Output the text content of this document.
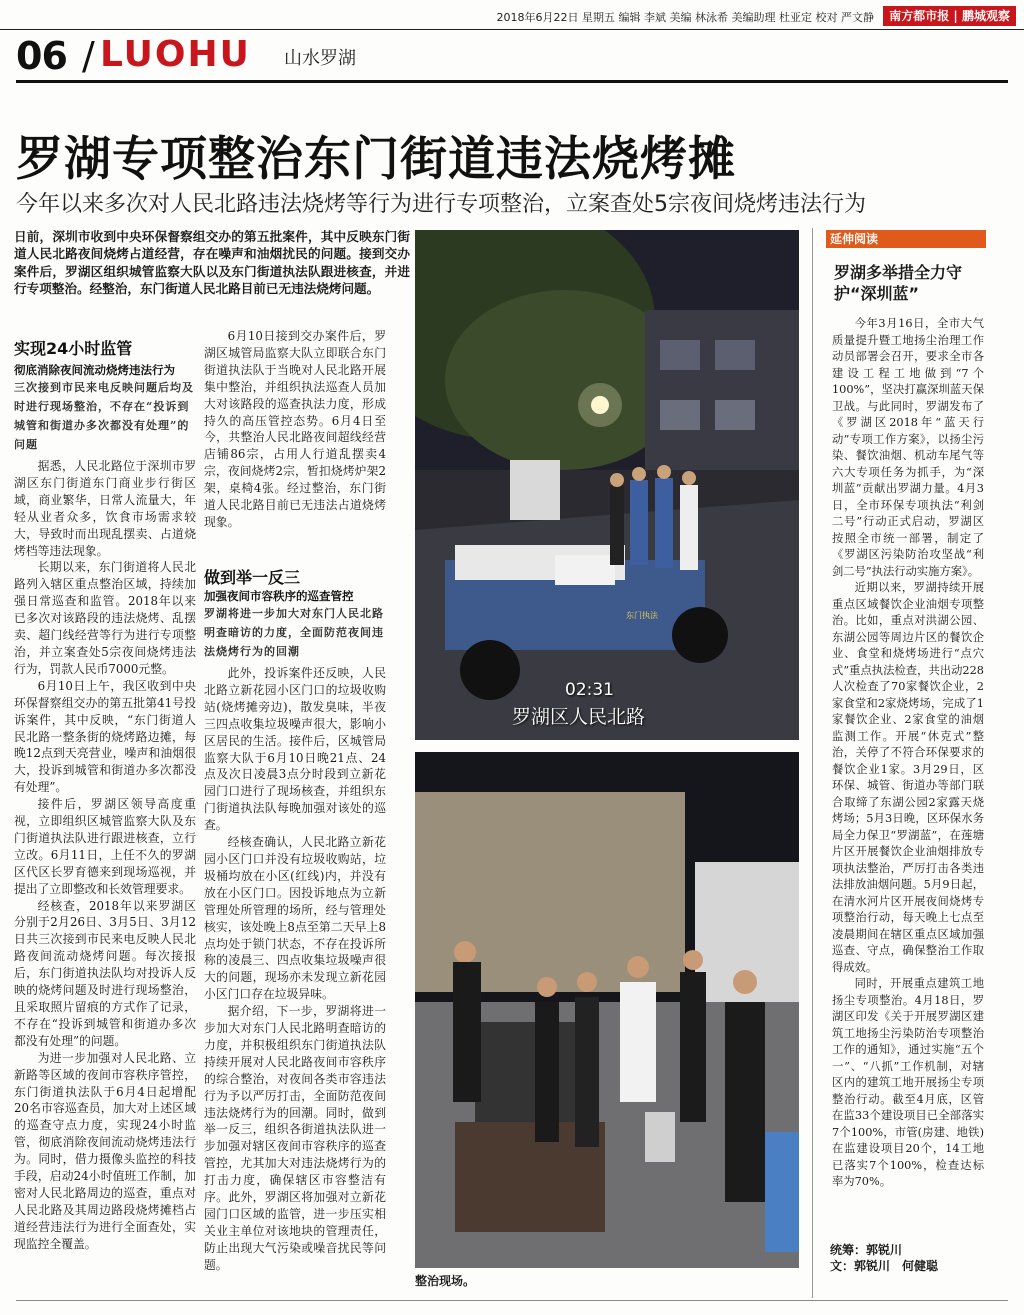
2018年6月22日 星期五 编辑 李斌 美编 林泳希 美编助理 杜亚定 校对 严文静	南方都市报 | 鹏城观察
06 / LUOHU 山水罗湖
罗湖专项整治东门街道违法烧烤摊
今年以来多次对人民北路违法烧烤等行为进行专项整治，立案查处5宗夜间烧烤违法行为
日前，深圳市收到中央环保督察组交办的第五批案件，其中反映东门街道人民北路夜间烧烤占道经营，存在噪声和油烟扰民的问题。接到交办案件后，罗湖区组织城管监察大队以及东门街道执法队跟进核查，并进行专项整治。经整治，东门街道人民北路目前已无违法烧烤问题。
实现24小时监管
彻底消除夜间流动烧烤违法行为
三次接到市民来电反映问题后均及时进行现场整治，不存在“投诉到城管和街道办多次都没有处理”的问题

据悉，人民北路位于深圳市罗湖区东门街道东门商业步行街区域，商业繁华，日常人流量大，年轻从业者众多，饮食市场需求较大，导致时而出现乱摆卖、占道烧烤档等违法现象。

长期以来，东门街道将人民北路列入辖区重点整治区域，持续加强日常巡查和监管。2018年以来已多次对该路段的违法烧烤、乱摆卖、超门线经营等行为进行专项整治，并立案查处5宗夜间烧烤违法行为，罚款人民币7000元整。

6月10日上午，我区收到中央环保督察组交办的第五批第41号投诉案件，其中反映，“东门街道人民北路一整条街的烧烤路边摊，每晚12点到天亮营业，噪声和油烟很大，投诉到城管和街道办多次都没有处理”。

接件后，罗湖区领导高度重视，立即组织区城管监察大队及东门街道执法队进行跟进核查，立行立改。6月11日，上任不久的罗湖区代区长罗育德来到现场巡视，并提出了立即整改和长效管理要求。

经核查，2018年以来罗湖区分别于2月26日、3月5日、3月12日共三次接到市民来电反映人民北路夜间流动烧烤问题。每次接报后，东门街道执法队均对投诉人反映的烧烤问题及时进行现场整治，且采取照片留痕的方式作了记录，不存在“投诉到城管和街道办多次都没有处理”的问题。

为进一步加强对人民北路、立新路等区域的夜间市容秩序管控，东门街道执法队于6月4日起增配20名市容巡查员，加大对上述区域的巡查守点力度，实现24小时监管，彻底消除夜间流动烧烤违法行为。同时，借力摄像头监控的科技手段，启动24小时值班工作制，加密对人民北路周边的巡查，重点对人民北路及其周边路段烧烤摊档占道经营违法行为进行全面查处，实现监控全覆盖。

6月10日接到交办案件后，罗湖区城管局监察大队立即联合东门街道执法队于当晚对人民北路开展集中整治，并组织执法巡查人员加大对该路段的巡查执法力度，形成持久的高压管控态势。6月4日至今，共整治人民北路夜间超线经营店铺86宗，占用人行道乱摆卖4宗，夜间烧烤2宗，暂扣烧烤炉架2架，桌椅4张。经过整治，东门街道人民北路目前已无违法占道烧烤现象。

做到举一反三
加强夜间市容秩序的巡查管控
罗湖将进一步加大对东门人民北路明查暗访的力度，全面防范夜间违法烧烤行为的回潮

此外，投诉案件还反映，人民北路立新花园小区门口的垃圾收购站(烧烤摊旁边)，散发臭味，半夜三四点收集垃圾噪声很大，影响小区居民的生活。接件后，区城管局监察大队于6月10日晚21点、24点及次日凌晨3点分时段到立新花园门口进行了现场核查，并组织东门街道执法队每晚加强对该处的巡查。

经核查确认，人民北路立新花园小区门口并没有垃圾收购站，垃圾桶均放在小区(红线)内，并没有放在小区门口。因投诉地点为立新管理处所管理的场所，经与管理处核实，该处晚上8点至第二天早上8点均处于锁门状态，不存在投诉所称的凌晨三、四点收集垃圾噪声很大的问题，现场亦未发现立新花园小区门口存在垃圾异味。

据介绍，下一步，罗湖将进一步加大对东门人民北路明查暗访的力度，并积极组织东门街道执法队持续开展对人民北路夜间市容秩序的综合整治，对夜间各类市容违法行为予以严厉打击，全面防范夜间违法烧烤行为的回潮。同时，做到举一反三，组织各街道执法队进一步加强对辖区夜间市容秩序的巡查管控，尤其加大对违法烧烤行为的打击力度，确保辖区市容整洁有序。此外，罗湖区将加强对立新花园门口区域的监管，进一步压实相关业主单位对该地块的管理责任，防止出现大气污染或噪音扰民等问题。

东门执法
02:31
罗湖区人民北路
整治现场。
延伸阅读
罗湖多举措全力守护“深圳蓝”

今年3月16日，全市大气质量提升暨工地扬尘治理工作动员部署会召开，要求全市各建设工程工地做到“7个100%”，坚决打赢深圳蓝天保卫战。与此同时，罗湖发布了《罗湖区2018年“蓝天行动”专项工作方案》，以扬尘污染、餐饮油烟、机动车尾气等六大专项任务为抓手，为“深圳蓝”贡献出罗湖力量。4月3日，全市环保专项执法“利剑二号”行动正式启动，罗湖区按照全市统一部署，制定了《罗湖区污染防治攻坚战“利剑二号”执法行动实施方案》。

近期以来，罗湖持续开展重点区域餐饮企业油烟专项整治。比如，重点对洪湖公园、东湖公园等周边片区的餐饮企业、食堂和烧烤场进行“点穴式”重点执法检查，共出动228人次检查了70家餐饮企业，2家食堂和2家烧烤场，完成了1家餐饮企业、2家食堂的油烟监测工作。开展“休克式”整治，关停了不符合环保要求的餐饮企业1家。3月29日，区环保、城管、街道办等部门联合取缔了东湖公园2家露天烧烤场；5月3日晚，区环保水务局全力保卫“罗湖蓝”，在莲塘片区开展餐饮企业油烟排放专项执法整治，严厉打击各类违法排放油烟问题。5月9日起，在清水河片区开展夜间烧烤专项整治行动，每天晚上七点至凌晨期间在辖区重点区域加强巡查、守点，确保整治工作取得成效。

同时，开展重点建筑工地扬尘专项整治。4月18日，罗湖区印发《关于开展罗湖区建筑工地扬尘污染防治专项整治工作的通知》，通过实施“五个一”、“八抓”工作机制，对辖区内的建筑工地开展扬尘专项整治行动。截至4月底，区管在监33个建设项目已全部落实7个100%，市管(房建、地铁)在监建设项目20个，14工地已落实7个100%，检查达标率为70%。

统筹：郭锐川
文：郭锐川　何健聪
